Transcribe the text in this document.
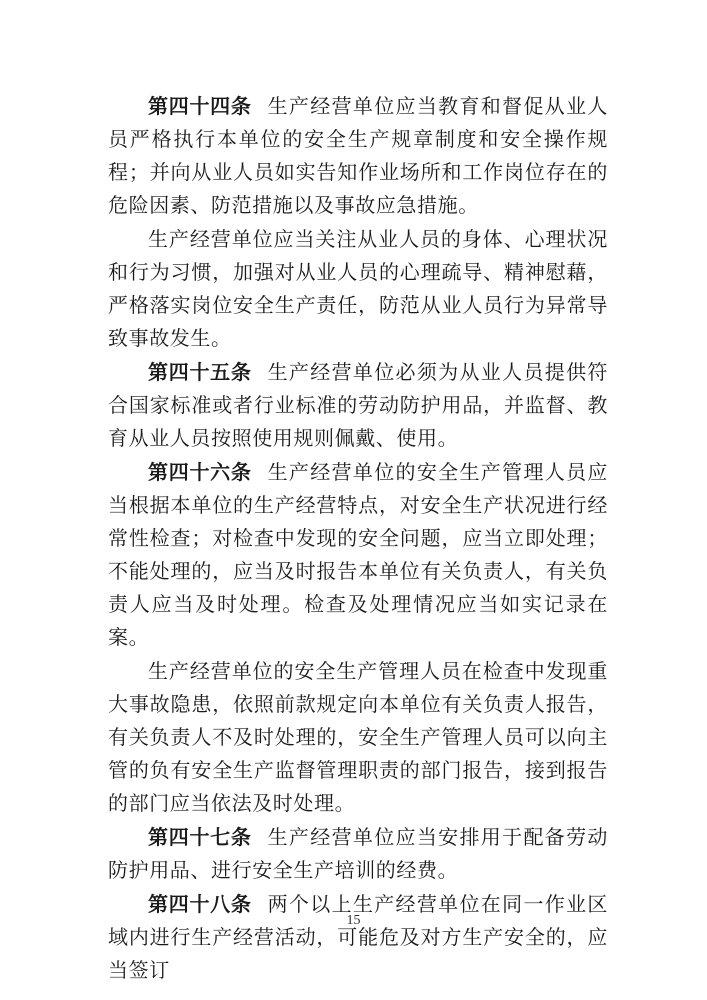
第四十四条 生产经营单位应当教育和督促从业人员严格执行本单位的安全生产规章制度和安全操作规程；并向从业人员如实告知作业场所和工作岗位存在的危险因素、防范措施以及事故应急措施。

生产经营单位应当关注从业人员的身体、心理状况和行为习惯，加强对从业人员的心理疏导、精神慰藉，严格落实岗位安全生产责任，防范从业人员行为异常导致事故发生。

第四十五条 生产经营单位必须为从业人员提供符合国家标准或者行业标准的劳动防护用品，并监督、教育从业人员按照使用规则佩戴、使用。

第四十六条 生产经营单位的安全生产管理人员应当根据本单位的生产经营特点，对安全生产状况进行经常性检查；对检查中发现的安全问题，应当立即处理；不能处理的，应当及时报告本单位有关负责人，有关负责人应当及时处理。检查及处理情况应当如实记录在案。

生产经营单位的安全生产管理人员在检查中发现重大事故隐患，依照前款规定向本单位有关负责人报告，有关负责人不及时处理的，安全生产管理人员可以向主管的负有安全生产监督管理职责的部门报告，接到报告的部门应当依法及时处理。

第四十七条 生产经营单位应当安排用于配备劳动防护用品、进行安全生产培训的经费。

第四十八条 两个以上生产经营单位在同一作业区域内进行生产经营活动，可能危及对方生产安全的，应当签订

15
